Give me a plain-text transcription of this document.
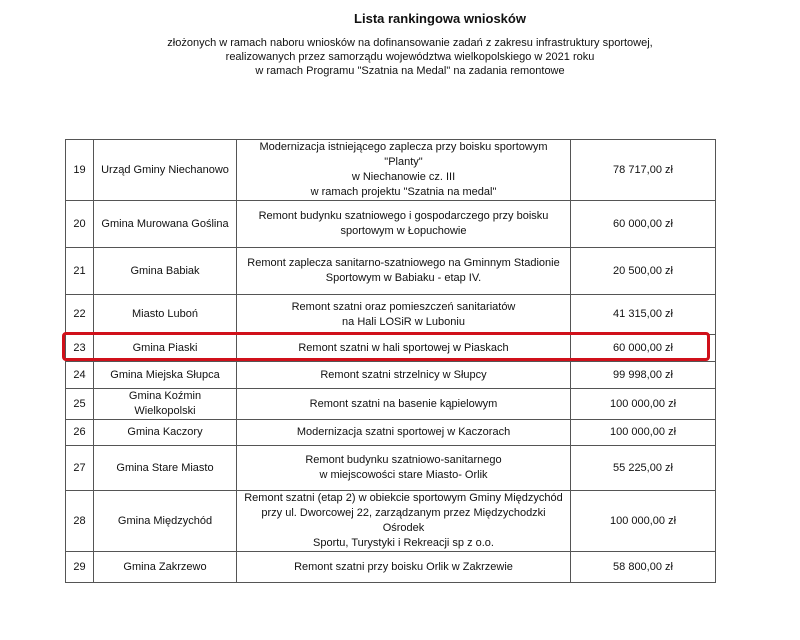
Lista rankingowa wniosków
złożonych w ramach naboru wniosków na dofinansowanie zadań z zakresu infrastruktury sportowej,
realizowanych przez samorządu województwa wielkopolskiego w 2021 roku
w ramach Programu "Szatnia na Medal" na zadania remontowe
19	Urząd Gminy Niechanowo	Modernizacja istniejącego zaplecza przy boisku sportowym "Planty"
w Niechanowie cz. III
w ramach projektu "Szatnia na medal"	78 717,00 zł
20	Gmina Murowana Goślina	Remont budynku szatniowego i gospodarczego przy boisku
sportowym w Łopuchowie	60 000,00 zł
21	Gmina Babiak	Remont zaplecza sanitarno-szatniowego na Gminnym Stadionie
Sportowym w Babiaku - etap IV.	20 500,00 zł
22	Miasto Luboń	Remont szatni oraz pomieszczeń sanitariatów
na Hali LOSiR w Luboniu	41 315,00 zł
23	Gmina Piaski	Remont szatni w hali sportowej w Piaskach	60 000,00 zł
24	Gmina Miejska Słupca	Remont szatni strzelnicy w Słupcy	99 998,00 zł
25	Gmina Koźmin Wielkopolski	Remont szatni na basenie kąpielowym	100 000,00 zł
26	Gmina Kaczory	Modernizacja szatni sportowej w Kaczorach	100 000,00 zł
27	Gmina Stare Miasto	Remont budynku szatniowo-sanitarnego
w miejscowości stare Miasto- Orlik	55 225,00 zł
28	Gmina Międzychód	Remont szatni (etap 2) w obiekcie sportowym Gminy Międzychód
przy ul. Dworcowej 22, zarządzanym przez Międzychodzki Ośrodek
Sportu, Turystyki i Rekreacji sp z o.o.	100 000,00 zł
29	Gmina Zakrzewo	Remont szatni przy boisku Orlik w Zakrzewie	58 800,00 zł
